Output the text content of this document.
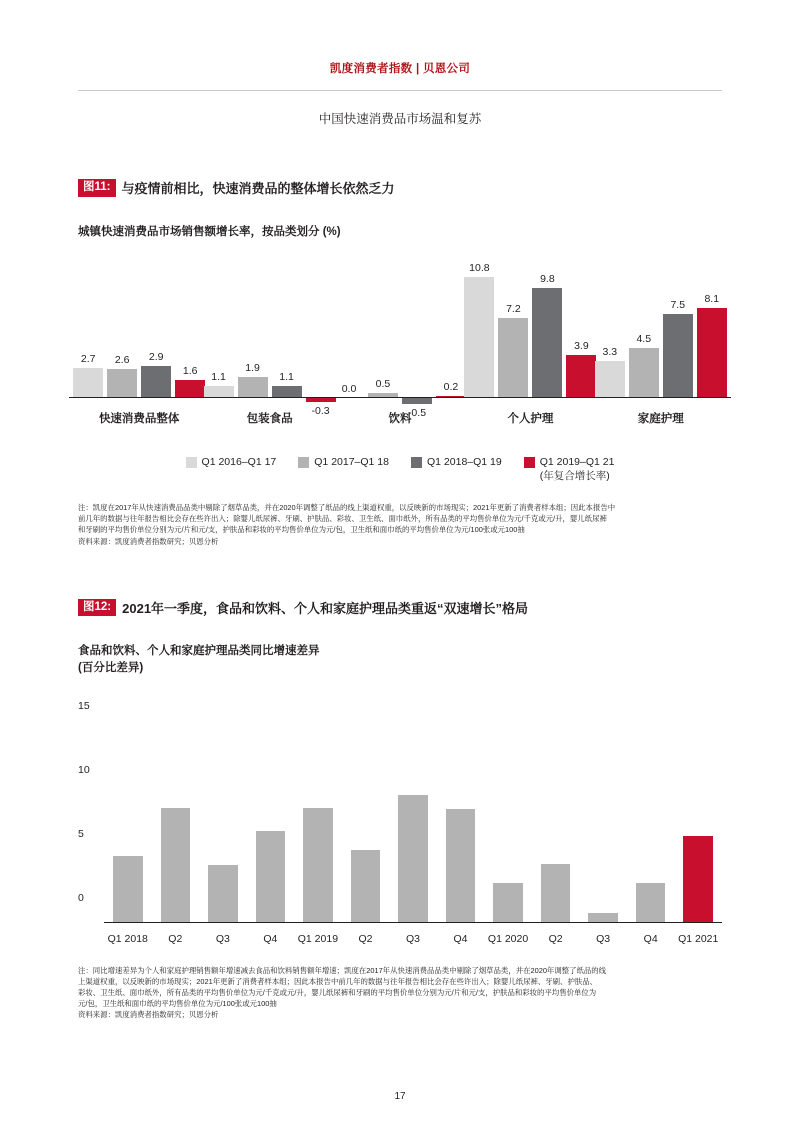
凯度消费者指数 | 贝恩公司
中国快速消费品市场温和复苏
图11: 与疫情前相比，快速消费品的整体增长依然乏力
城镇快速消费品市场销售额增长率，按品类划分 (%)
2.7	2.6	2.9
1.6
快速消费品整体
1.1
1.9
1.1
-0.3
包装食品
0.0	0.5
-0.5
0.2
饮料
10.8
7.2
9.8
3.9
个人护理
3.3
4.5
7.5
8.1
家庭护理
Q1 2016–Q1 17	Q1 2017–Q1 18	Q1 2018–Q1 19	Q1 2019–Q1 21
(年复合增长率)
注：凯度在2017年从快速消费品品类中剔除了烟草品类，并在2020年调整了纸品的线上渠道权重，以反映新的市场现实；2021年更新了消费者样本组；因此本报告中
前几年的数据与往年报告相比会存在些许出入；除婴儿纸尿裤、牙刷、护肤品、彩妆、卫生纸、面巾纸外，所有品类的平均售价单位为元/千克或元/升，婴儿纸尿裤
和牙刷的平均售价单位分别为元/片和元/支，护肤品和彩妆的平均售价单位为元/包，卫生纸和面巾纸的平均售价单位为元/100张或元100抽
资料来源：凯度消费者指数研究；贝恩分析
图12: 2021年一季度，食品和饮料、个人和家庭护理品类重返“双速增长”格局
食品和饮料、个人和家庭护理品类同比增速差异
(百分比差异)
15
10
5
0
Q1 2018	Q2	Q3	Q4	Q1 2019	Q2	Q3	Q4	Q1 2020	Q2	Q3	Q4	Q1 2021
注：同比增速差异为个人和家庭护理销售额年增速减去食品和饮料销售额年增速；凯度在2017年从快速消费品品类中剔除了烟草品类，并在2020年调整了纸品的线
上渠道权重，以反映新的市场现实；2021年更新了消费者样本组；因此本报告中前几年的数据与往年报告相比会存在些许出入；除婴儿纸尿裤、牙刷、护肤品、
彩妆、卫生纸、面巾纸外，所有品类的平均售价单位为元/千克或元/升，婴儿纸尿裤和牙刷的平均售价单位分别为元/片和元/支，护肤品和彩妆的平均售价单位为
元/包，卫生纸和面巾纸的平均售价单位为元/100张或元100抽
资料来源：凯度消费者指数研究；贝恩分析
17
